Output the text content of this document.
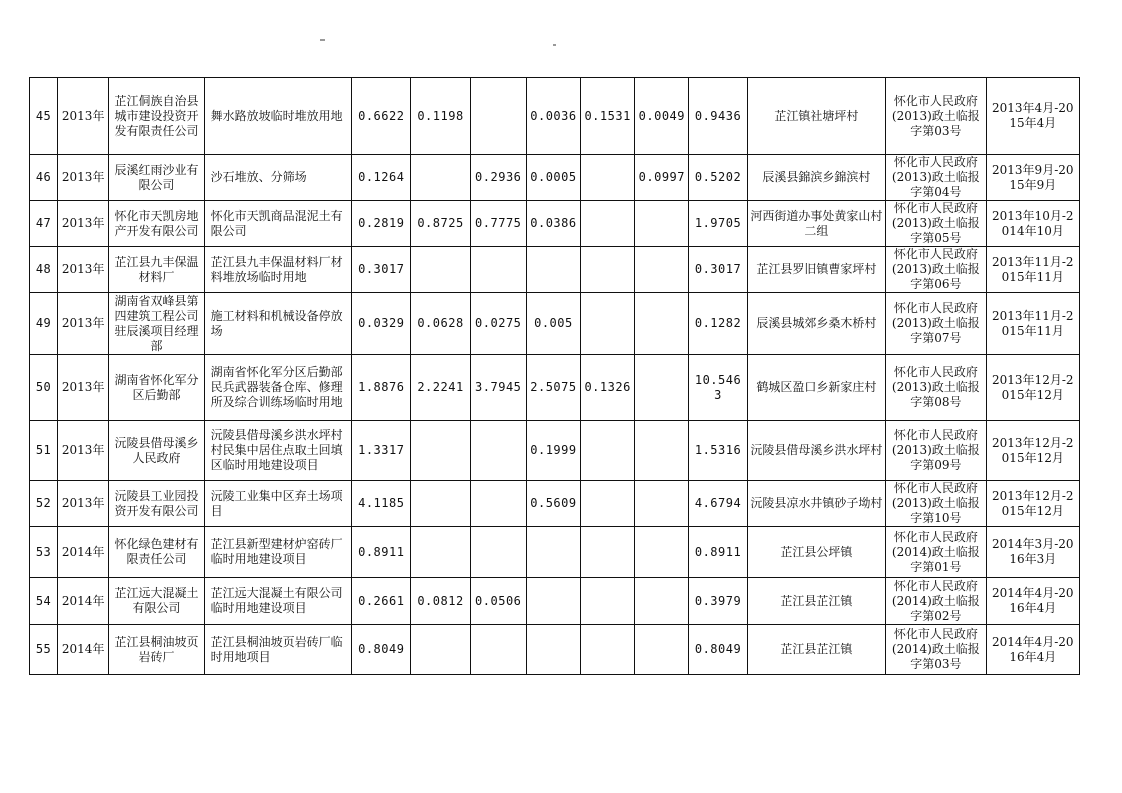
45	2013年	芷江侗族自治县城市建设投资开发有限责任公司	舞水路放坡临时堆放用地	0.6622	0.1198		0.0036	0.1531	0.0049	0.9436	芷江镇社塘坪村	怀化市人民政府(2013)政土临报字第03号	2013年4月-2015年4月
46	2013年	辰溪红雨沙业有限公司	沙石堆放、分筛场	0.1264		0.2936	0.0005		0.0997	0.5202	辰溪县錦滨乡錦滨村	怀化市人民政府(2013)政土临报字第04号	2013年9月-2015年9月
47	2013年	怀化市天凯房地产开发有限公司	怀化市天凯商品混泥土有限公司	0.2819	0.8725	0.7775	0.0386			1.9705	河西街道办事处黄家山村二组	怀化市人民政府(2013)政土临报字第05号	2013年10月-2014年10月
48	2013年	芷江县九丰保温材料厂	芷江县九丰保温材料厂材料堆放场临时用地	0.3017						0.3017	芷江县罗旧镇曹家坪村	怀化市人民政府(2013)政土临报字第06号	2013年11月-2015年11月
49	2013年	湖南省双峰县第四建筑工程公司驻辰溪项目经理部	施工材料和机械设备停放场	0.0329	0.0628	0.0275	0.005			0.1282	辰溪县城郊乡桑木桥村	怀化市人民政府(2013)政土临报字第07号	2013年11月-2015年11月
50	2013年	湖南省怀化军分区后勤部	湖南省怀化军分区后勤部民兵武器装备仓库、修理所及综合训练场临时用地	1.8876	2.2241	3.7945	2.5075	0.1326		10.5463	鹤城区盈口乡新家庄村	怀化市人民政府(2013)政土临报字第08号	2013年12月-2015年12月
51	2013年	沅陵县借母溪乡人民政府	沅陵县借母溪乡洪水坪村村民集中居住点取土回填区临时用地建设项目	1.3317			0.1999			1.5316	沅陵县借母溪乡洪水坪村	怀化市人民政府(2013)政土临报字第09号	2013年12月-2015年12月
52	2013年	沅陵县工业园投资开发有限公司	沅陵工业集中区弃土场项目	4.1185			0.5609			4.6794	沅陵县凉水井镇砂子坳村	怀化市人民政府(2013)政土临报字第10号	2013年12月-2015年12月
53	2014年	怀化绿色建材有限责任公司	芷江县新型建材炉窑砖厂临时用地建设项目	0.8911						0.8911	芷江县公坪镇	怀化市人民政府(2014)政土临报字第01号	2014年3月-2016年3月
54	2014年	芷江远大混凝土有限公司	芷江远大混凝土有限公司临时用地建设项目	0.2661	0.0812	0.0506				0.3979	芷江县芷江镇	怀化市人民政府(2014)政土临报字第02号	2014年4月-2016年4月
55	2014年	芷江县桐油坡页岩砖厂	芷江县桐油坡页岩砖厂临时用地项目	0.8049						0.8049	芷江县芷江镇	怀化市人民政府(2014)政土临报字第03号	2014年4月-2016年4月
